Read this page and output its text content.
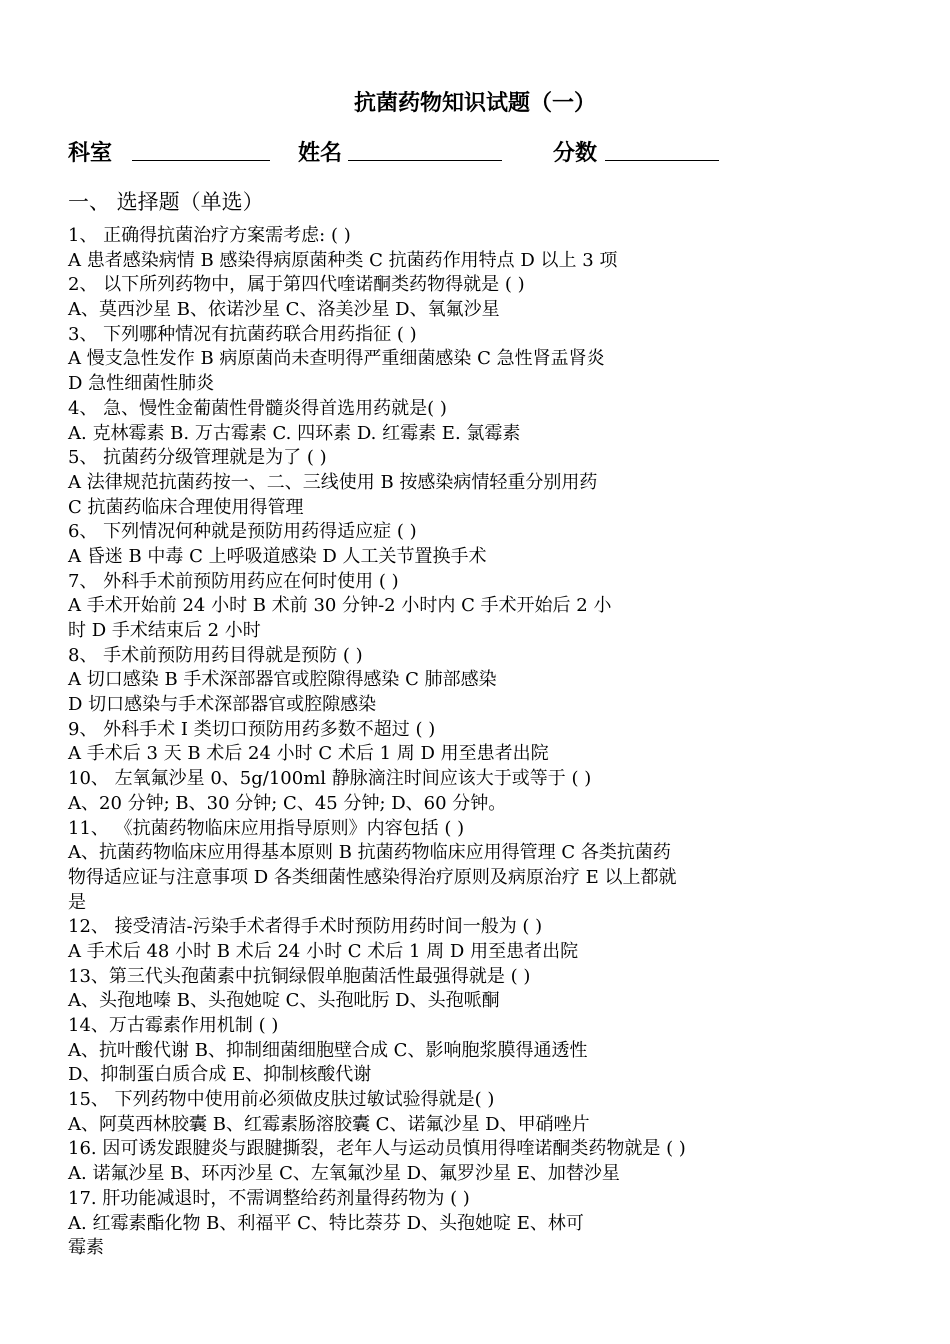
抗菌药物知识试题（一）
科室	姓名	分数
一、 选择题（单选）
1、 正确得抗菌治疗方案需考虑: ( )
A 患者感染病情 B 感染得病原菌种类 C 抗菌药作用特点 D 以上 3 项
2、 以下所列药物中，属于第四代喹诺酮类药物得就是 ( )
A、莫西沙星 B、依诺沙星 C、洛美沙星 D、氧氟沙星
3、 下列哪种情况有抗菌药联合用药指征 ( )
A 慢支急性发作 B 病原菌尚未查明得严重细菌感染 C 急性肾盂肾炎
D 急性细菌性肺炎
4、 急、慢性金葡菌性骨髓炎得首选用药就是( )
A. 克林霉素 B. 万古霉素 C. 四环素 D. 红霉素 E. 氯霉素
5、 抗菌药分级管理就是为了 ( )
A 法律规范抗菌药按一、二、三线使用 B 按感染病情轻重分别用药
C 抗菌药临床合理使用得管理
6、 下列情况何种就是预防用药得适应症 ( )
A 昏迷 B 中毒 C 上呼吸道感染 D 人工关节置换手术
7、 外科手术前预防用药应在何时使用 ( )
A 手术开始前 24 小时 B 术前 30 分钟-2 小时内 C 手术开始后 2 小
时 D 手术结束后 2 小时
8、 手术前预防用药目得就是预防 ( )
A 切口感染 B 手术深部器官或腔隙得感染 C 肺部感染
D 切口感染与手术深部器官或腔隙感染
9、 外科手术 I 类切口预防用药多数不超过 ( )
A 手术后 3 天 B 术后 24 小时 C 术后 1 周 D 用至患者出院
10、 左氧氟沙星 0、5g/100ml 静脉滴注时间应该大于或等于 ( )
A、20 分钟; B、30 分钟; C、45 分钟; D、60 分钟。
11、 《抗菌药物临床应用指导原则》内容包括 ( )
A、抗菌药物临床应用得基本原则 B 抗菌药物临床应用得管理 C 各类抗菌药
物得适应证与注意事项 D 各类细菌性感染得治疗原则及病原治疗 E 以上都就
是
12、 接受清洁-污染手术者得手术时预防用药时间一般为 ( )
A 手术后 48 小时 B 术后 24 小时 C 术后 1 周 D 用至患者出院
13、第三代头孢菌素中抗铜绿假单胞菌活性最强得就是 ( )
A、头孢地嗪 B、头孢她啶 C、头孢吡肟 D、头孢哌酮
14、万古霉素作用机制 ( )
A、抗叶酸代谢 B、抑制细菌细胞壁合成 C、影响胞浆膜得通透性
D、抑制蛋白质合成 E、抑制核酸代谢
15、 下列药物中使用前必须做皮肤过敏试验得就是( )
A、阿莫西林胶囊 B、红霉素肠溶胶囊 C、诺氟沙星 D、甲硝唑片
16. 因可诱发跟腱炎与跟腱撕裂，老年人与运动员慎用得喹诺酮类药物就是 ( )
A. 诺氟沙星 B、环丙沙星 C、左氧氟沙星 D、氟罗沙星 E、加替沙星
17. 肝功能减退时，不需调整给药剂量得药物为 ( )
A. 红霉素酯化物 B、利福平 C、特比萘芬 D、头孢她啶 E、林可
霉素
